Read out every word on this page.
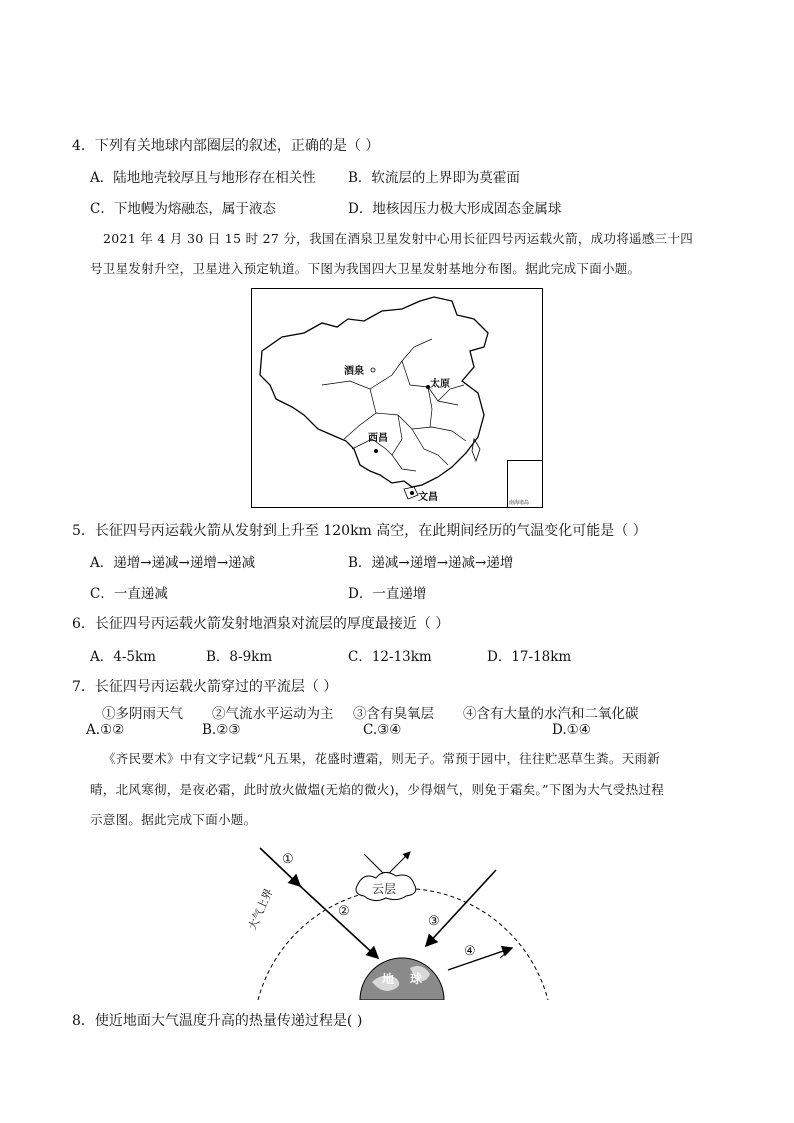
4．下列有关地球内部圈层的叙述，正确的是（ ）
A．陆地地壳较厚且与地形存在相关性 B．软流层的上界即为莫霍面
C．下地幔为熔融态，属于液态	D．地核因压力极大形成固态金属球
2021 年 4 月 30 日 15 时 27 分，我国在酒泉卫星发射中心用长征四号丙运载火箭，成功将遥感三十四
号卫星发射升空，卫星进入预定轨道。下图为我国四大卫星发射基地分布图。据此完成下面小题。
酒泉
太原
西昌
文昌	南海诸岛
5．长征四号丙运载火箭从发射到上升至 120km 高空，在此期间经历的气温变化可能是（ ）
A．递增→递减→递增→递减	B．递减→递增→递减→递增
C．一直递减	D．一直递增
6．长征四号丙运载火箭发射地酒泉对流层的厚度最接近（ ）
A．4-5km	B．8-9km	C．12-13km	D．17-18km
7．长征四号丙运载火箭穿过的平流层（ ）
①多阴雨天气 ②气流水平运动为主 ③含有臭氧层 ④含有大量的水汽和二氧化碳
A.①②	B.②③	C.③④	D.①④
《齐民要术》中有文字记载“凡五果，花盛时遭霜，则无子。常预于园中，往往贮恶草生粪。天雨新
晴，北风寒彻，是夜必霜，此时放火做熅(无焰的微火)，少得烟气，则免于霜矣。”下图为大气受热过程
示意图。据此完成下面小题。
①
②
③
④
云层
大气上界
地 球
8．使近地面大气温度升高的热量传递过程是( )
